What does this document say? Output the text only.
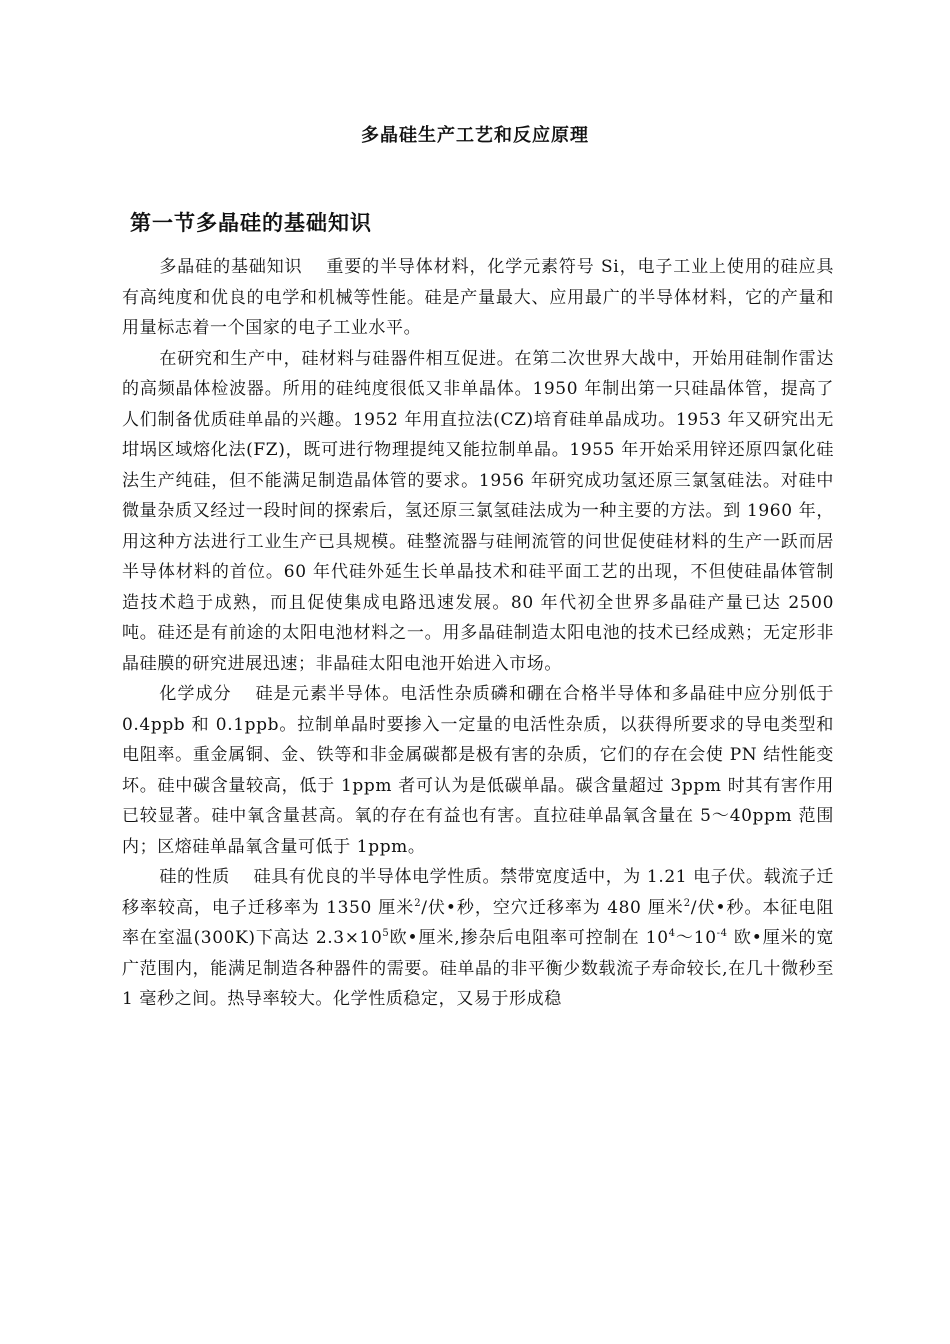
多晶硅生产工艺和反应原理
第一节多晶硅的基础知识

多晶硅的基础知识 重要的半导体材料，化学元素符号 Si，电子工业上使用的硅应具有高纯度和优良的电学和机械等性能。硅是产量最大、应用最广的半导体材料，它的产量和用量标志着一个国家的电子工业水平。

在研究和生产中，硅材料与硅器件相互促进。在第二次世界大战中，开始用硅制作雷达的高频晶体检波器。所用的硅纯度很低又非单晶体。1950 年制出第一只硅晶体管，提高了人们制备优质硅单晶的兴趣。1952 年用直拉法(CZ)培育硅单晶成功。1953 年又研究出无坩埚区域熔化法(FZ)，既可进行物理提纯又能拉制单晶。1955 年开始采用锌还原四氯化硅法生产纯硅，但不能满足制造晶体管的要求。1956 年研究成功氢还原三氯氢硅法。对硅中微量杂质又经过一段时间的探索后，氢还原三氯氢硅法成为一种主要的方法。到 1960 年，用这种方法进行工业生产已具规模。硅整流器与硅闸流管的问世促使硅材料的生产一跃而居半导体材料的首位。60 年代硅外延生长单晶技术和硅平面工艺的出现，不但使硅晶体管制造技术趋于成熟，而且促使集成电路迅速发展。80 年代初全世界多晶硅产量已达 2500 吨。硅还是有前途的太阳电池材料之一。用多晶硅制造太阳电池的技术已经成熟；无定形非晶硅膜的研究进展迅速；非晶硅太阳电池开始进入市场。

化学成分 硅是元素半导体。电活性杂质磷和硼在合格半导体和多晶硅中应分别低于 0.4ppb 和 0.1ppb。拉制单晶时要掺入一定量的电活性杂质，以获得所要求的导电类型和电阻率。重金属铜、金、铁等和非金属碳都是极有害的杂质，它们的存在会使 PN 结性能变坏。硅中碳含量较高，低于 1ppm 者可认为是低碳单晶。碳含量超过 3ppm 时其有害作用已较显著。硅中氧含量甚高。氧的存在有益也有害。直拉硅单晶氧含量在 5～40ppm 范围内；区熔硅单晶氧含量可低于 1ppm。

硅的性质 硅具有优良的半导体电学性质。禁带宽度适中，为 1.21 电子伏。载流子迁移率较高，电子迁移率为 1350 厘米$^2$/伏•秒，空穴迁移率为 480 厘米$^2$/伏•秒。本征电阻率在室温(300K)下高达 $2.3\times 10^5$欧•厘米,掺杂后电阻率可控制在 $10^4\sim 10^{-4}$ 欧•厘米的宽广范围内，能满足制造各种器件的需要。硅单晶的非平衡少数载流子寿命较长,在几十微秒至 1 毫秒之间。热导率较大。化学性质稳定，又易于形成稳
